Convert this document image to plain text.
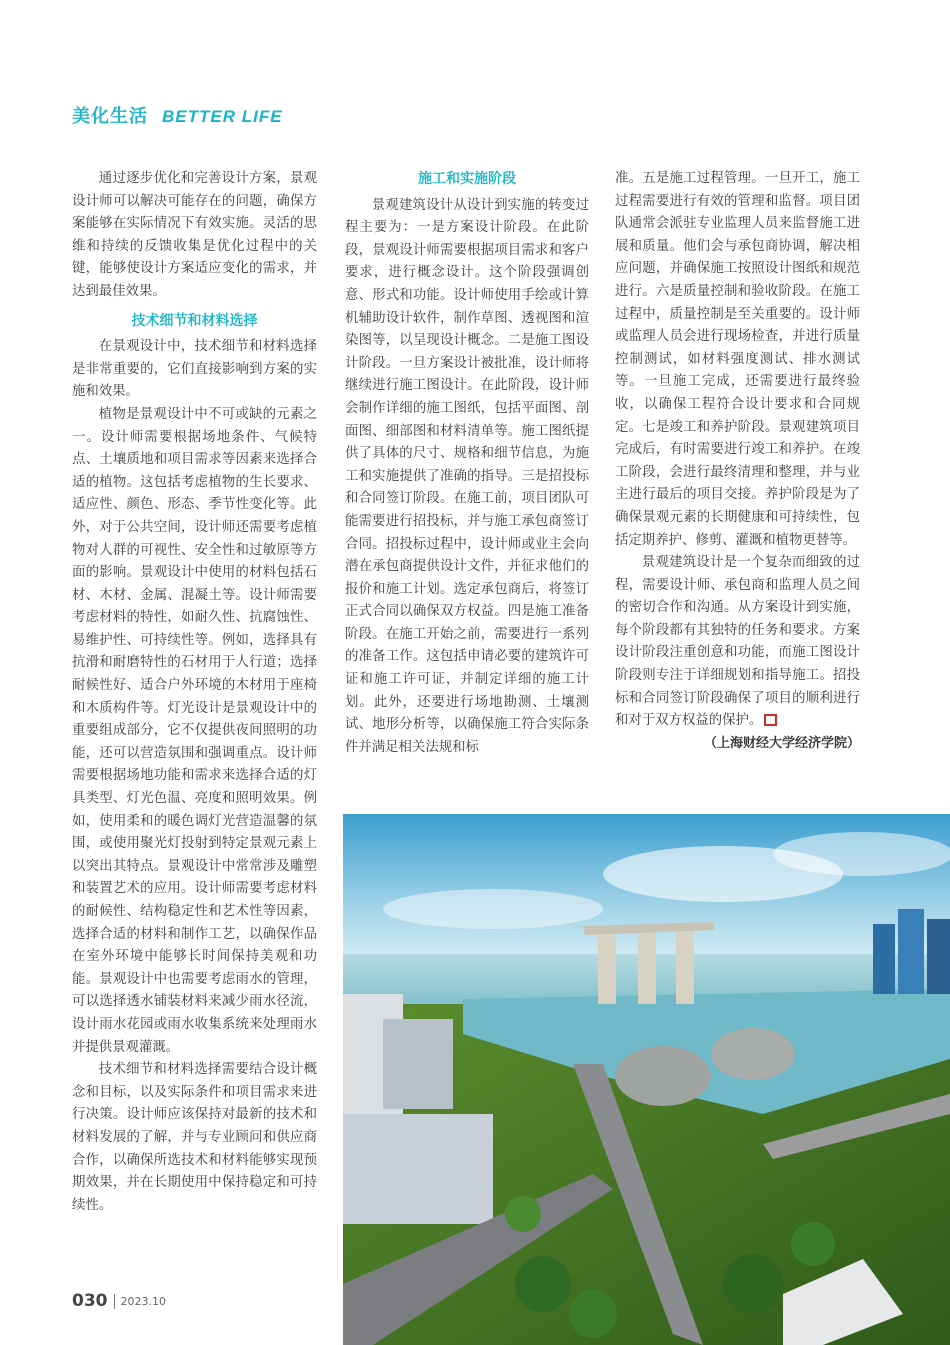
美化生活 BETTER LIFE

通过逐步优化和完善设计方案，景观设计师可以解决可能存在的问题，确保方案能够在实际情况下有效实施。灵活的思维和持续的反馈收集是优化过程中的关键，能够使设计方案适应变化的需求，并达到最佳效果。

技术细节和材料选择

在景观设计中，技术细节和材料选择是非常重要的，它们直接影响到方案的实施和效果。

植物是景观设计中不可或缺的元素之一。设计师需要根据场地条件、气候特点、土壤质地和项目需求等因素来选择合适的植物。这包括考虑植物的生长要求、适应性、颜色、形态、季节性变化等。此外，对于公共空间，设计师还需要考虑植物对人群的可视性、安全性和过敏原等方面的影响。景观设计中使用的材料包括石材、木材、金属、混凝土等。设计师需要考虑材料的特性，如耐久性、抗腐蚀性、易维护性、可持续性等。例如，选择具有抗滑和耐磨特性的石材用于人行道；选择耐候性好、适合户外环境的木材用于座椅和木质构件等。灯光设计是景观设计中的重要组成部分，它不仅提供夜间照明的功能，还可以营造氛围和强调重点。设计师需要根据场地功能和需求来选择合适的灯具类型、灯光色温、亮度和照明效果。例如，使用柔和的暖色调灯光营造温馨的氛围，或使用聚光灯投射到特定景观元素上以突出其特点。景观设计中常常涉及雕塑和装置艺术的应用。设计师需要考虑材料的耐候性、结构稳定性和艺术性等因素，选择合适的材料和制作工艺，以确保作品在室外环境中能够长时间保持美观和功能。景观设计中也需要考虑雨水的管理，可以选择透水铺装材料来减少雨水径流，设计雨水花园或雨水收集系统来处理雨水并提供景观灌溉。

技术细节和材料选择需要结合设计概念和目标，以及实际条件和项目需求来进行决策。设计师应该保持对最新的技术和材料发展的了解，并与专业顾问和供应商合作，以确保所选技术和材料能够实现预期效果，并在长期使用中保持稳定和可持续性。

施工和实施阶段

景观建筑设计从设计到实施的转变过程主要为：一是方案设计阶段。在此阶段，景观设计师需要根据项目需求和客户要求，进行概念设计。这个阶段强调创意、形式和功能。设计师使用手绘或计算机辅助设计软件，制作草图、透视图和渲染图等，以呈现设计概念。二是施工图设计阶段。一旦方案设计被批准，设计师将继续进行施工图设计。在此阶段，设计师会制作详细的施工图纸，包括平面图、剖面图、细部图和材料清单等。施工图纸提供了具体的尺寸、规格和细节信息，为施工和实施提供了准确的指导。三是招投标和合同签订阶段。在施工前，项目团队可能需要进行招投标，并与施工承包商签订合同。招投标过程中，设计师或业主会向潜在承包商提供设计文件，并征求他们的报价和施工计划。选定承包商后，将签订正式合同以确保双方权益。四是施工准备阶段。在施工开始之前，需要进行一系列的准备工作。这包括申请必要的建筑许可证和施工许可证，并制定详细的施工计划。此外，还要进行场地勘测、土壤测试、地形分析等，以确保施工符合实际条件并满足相关法规和标

准。五是施工过程管理。一旦开工，施工过程需要进行有效的管理和监督。项目团队通常会派驻专业监理人员来监督施工进展和质量。他们会与承包商协调，解决相应问题，并确保施工按照设计图纸和规范进行。六是质量控制和验收阶段。在施工过程中，质量控制是至关重要的。设计师或监理人员会进行现场检查，并进行质量控制测试，如材料强度测试、排水测试等。一旦施工完成，还需要进行最终验收，以确保工程符合设计要求和合同规定。七是竣工和养护阶段。景观建筑项目完成后，有时需要进行竣工和养护。在竣工阶段，会进行最终清理和整理，并与业主进行最后的项目交接。养护阶段是为了确保景观元素的长期健康和可持续性，包括定期养护、修剪、灌溉和植物更替等。

景观建筑设计是一个复杂而细致的过程，需要设计师、承包商和监理人员之间的密切合作和沟通。从方案设计到实施，每个阶段都有其独特的任务和要求。方案设计阶段注重创意和功能，而施工图设计阶段则专注于详细规划和指导施工。招投标和合同签订阶段确保了项目的顺利进行和对于双方权益的保护。

（上海财经大学经济学院）

030 2023.10
